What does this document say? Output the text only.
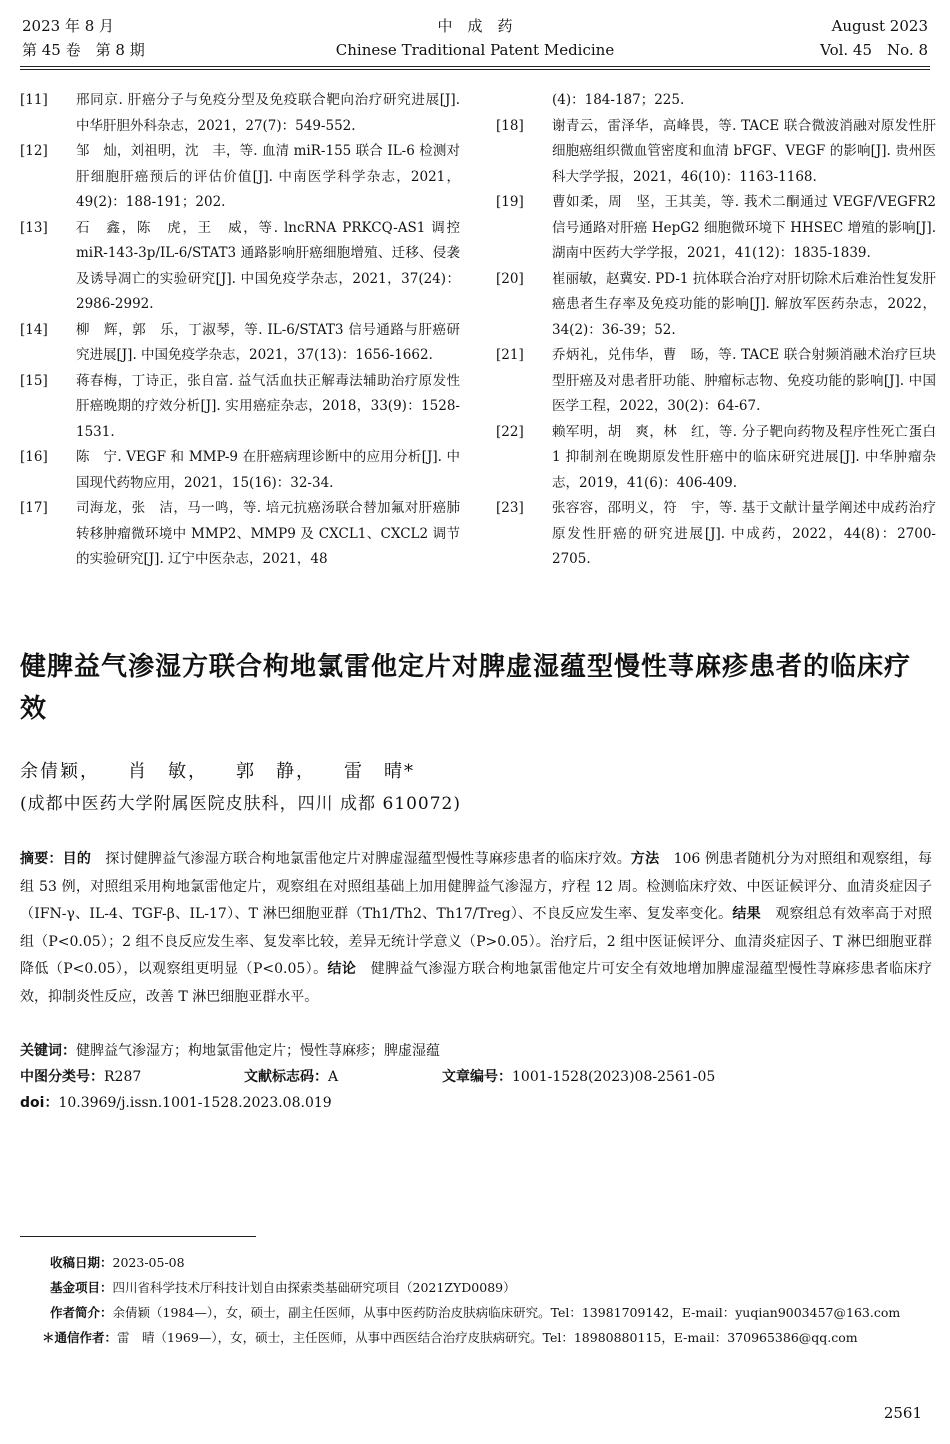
2023 年 8 月
第 45 卷　第 8 期
中　成　药
Chinese Traditional Patent Medicine
August 2023
Vol. 45　No. 8
[11]	邢同京. 肝癌分子与免疫分型及免疫联合靶向治疗研究进展[J]. 中华肝胆外科杂志，2021，27(7)：549-552.
[12]	邹　灿，刘祖明，沈　丰，等. 血清 miR-155 联合 IL-6 检测对肝细胞肝癌预后的评估价值[J]. 中南医学科学杂志，2021，49(2)：188-191；202.
[13]	石　鑫，陈　虎，王　威，等. lncRNA PRKCQ-AS1 调控 miR-143-3p/IL-6/STAT3 通路影响肝癌细胞增殖、迁移、侵袭及诱导凋亡的实验研究[J]. 中国免疫学杂志，2021，37(24)：2986-2992.
[14]	柳　辉，郭　乐，丁淑琴，等. IL-6/STAT3 信号通路与肝癌研究进展[J]. 中国免疫学杂志，2021，37(13)：1656-1662.
[15]	蒋春梅，丁诗正，张自富. 益气活血扶正解毒法辅助治疗原发性肝癌晚期的疗效分析[J]. 实用癌症杂志，2018，33(9)：1528-1531.
[16]	陈　宁. VEGF 和 MMP-9 在肝癌病理诊断中的应用分析[J]. 中国现代药物应用，2021，15(16)：32-34.
[17]	司海龙，张　洁，马一鸣，等. 培元抗癌汤联合替加氟对肝癌肺转移肿瘤微环境中 MMP2、MMP9 及 CXCL1、CXCL2 调节的实验研究[J]. 辽宁中医杂志，2021，48
(4)：184-187；225.
[18]	谢青云，雷泽华，高峰畏，等. TACE 联合微波消融对原发性肝细胞癌组织微血管密度和血清 bFGF、VEGF 的影响[J]. 贵州医科大学学报，2021，46(10)：1163-1168.
[19]	曹如柔，周　坚，王其美，等. 莪术二酮通过 VEGF/VEGFR2 信号通路对肝癌 HepG2 细胞微环境下 HHSEC 增殖的影响[J]. 湖南中医药大学学报，2021，41(12)：1835-1839.
[20]	崔丽敏，赵冀安. PD-1 抗体联合治疗对肝切除术后难治性复发肝癌患者生存率及免疫功能的影响[J]. 解放军医药杂志，2022，34(2)：36-39；52.
[21]	乔炳礼，兑伟华，曹　旸，等. TACE 联合射频消融术治疗巨块型肝癌及对患者肝功能、肿瘤标志物、免疫功能的影响[J]. 中国医学工程，2022，30(2)：64-67.
[22]	赖军明，胡　爽，林　红，等. 分子靶向药物及程序性死亡蛋白 1 抑制剂在晚期原发性肝癌中的临床研究进展[J]. 中华肿瘤杂志，2019，41(6)：406-409.
[23]	张容容，邵明义，符　宇，等. 基于文献计量学阐述中成药治疗原发性肝癌的研究进展[J]. 中成药，2022，44(8)：2700-2705.
健脾益气渗湿方联合枸地氯雷他定片对脾虚湿蕴型慢性荨麻疹患者的临床疗效
余倩颖， 肖　敏， 郭　静， 雷　晴*
(成都中医药大学附属医院皮肤科，四川 成都 610072)
摘要：目的　 探讨健脾益气渗湿方联合枸地氯雷他定片对脾虚湿蕴型慢性荨麻疹患者的临床疗效。方法　 106 例患者随机分为对照组和观察组，每组 53 例，对照组采用枸地氯雷他定片，观察组在对照组基础上加用健脾益气渗湿方，疗程 12 周。检测临床疗效、中医证候评分、血清炎症因子（IFN-γ、IL-4、TGF-β、IL-17）、T 淋巴细胞亚群（Th1/Th2、Th17/Treg）、不良反应发生率、复发率变化。结果　 观察组总有效率高于对照组（P<0.05）；2 组不良反应发生率、复发率比较，差异无统计学意义（P>0.05）。治疗后，2 组中医证候评分、血清炎症因子、T 淋巴细胞亚群降低（P<0.05），以观察组更明显（P<0.05）。结论　 健脾益气渗湿方联合枸地氯雷他定片可安全有效地增加脾虚湿蕴型慢性荨麻疹患者临床疗效，抑制炎性反应，改善 T 淋巴细胞亚群水平。
关键词：健脾益气渗湿方；枸地氯雷他定片；慢性荨麻疹；脾虚湿蕴
中图分类号：R287	文献标志码：A	文章编号：1001-1528(2023)08-2561-05
doi：10.3969/j.issn.1001-1528.2023.08.019
收稿日期： 2023-05-08
基金项目： 四川省科学技术厅科技计划自由探索类基础研究项目（2021ZYD0089）
作者简介： 余倩颖（1984—），女，硕士，副主任医师，从事中医药防治皮肤病临床研究。Tel：13981709142，E-mail：yuqian9003457@163.com
＊通信作者： 雷　晴（1969—），女，硕士，主任医师，从事中西医结合治疗皮肤病研究。Tel：18980880115，E-mail：370965386@qq.com
2561
